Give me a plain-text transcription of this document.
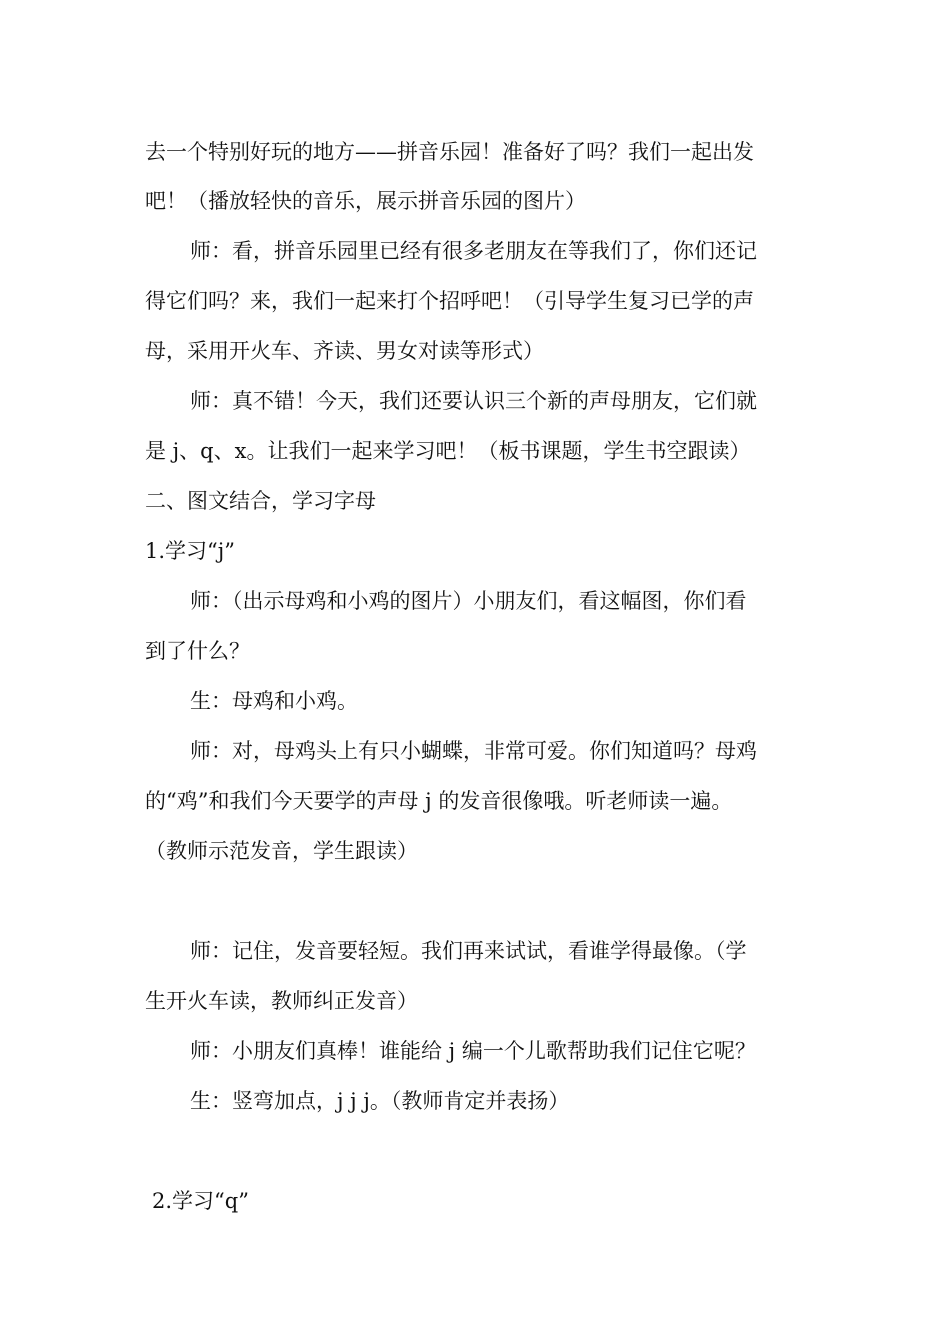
去一个特别好玩的地方——拼音乐园！准备好了吗？我们一起出发

吧！（播放轻快的音乐，展示拼音乐园的图片）

师：看，拼音乐园里已经有很多老朋友在等我们了，你们还记

得它们吗？来，我们一起来打个招呼吧！（引导学生复习已学的声

母，采用开火车、齐读、男女对读等形式）

师：真不错！今天，我们还要认识三个新的声母朋友，它们就

是 j、q、x。让我们一起来学习吧！（板书课题，学生书空跟读）

二、图文结合，学习字母

1.学习“j”

师：（出示母鸡和小鸡的图片）小朋友们，看这幅图，你们看

到了什么？

生：母鸡和小鸡。

师：对，母鸡头上有只小蝴蝶，非常可爱。你们知道吗？母鸡

的“鸡”和我们今天要学的声母 j 的发音很像哦。听老师读一遍。

（教师示范发音，学生跟读）

师：记住，发音要轻短。我们再来试试，看谁学得最像。（学

生开火车读，教师纠正发音）

师：小朋友们真棒！谁能给 j 编一个儿歌帮助我们记住它呢？

生：竖弯加点，j j j。（教师肯定并表扬）

2.学习“q”
